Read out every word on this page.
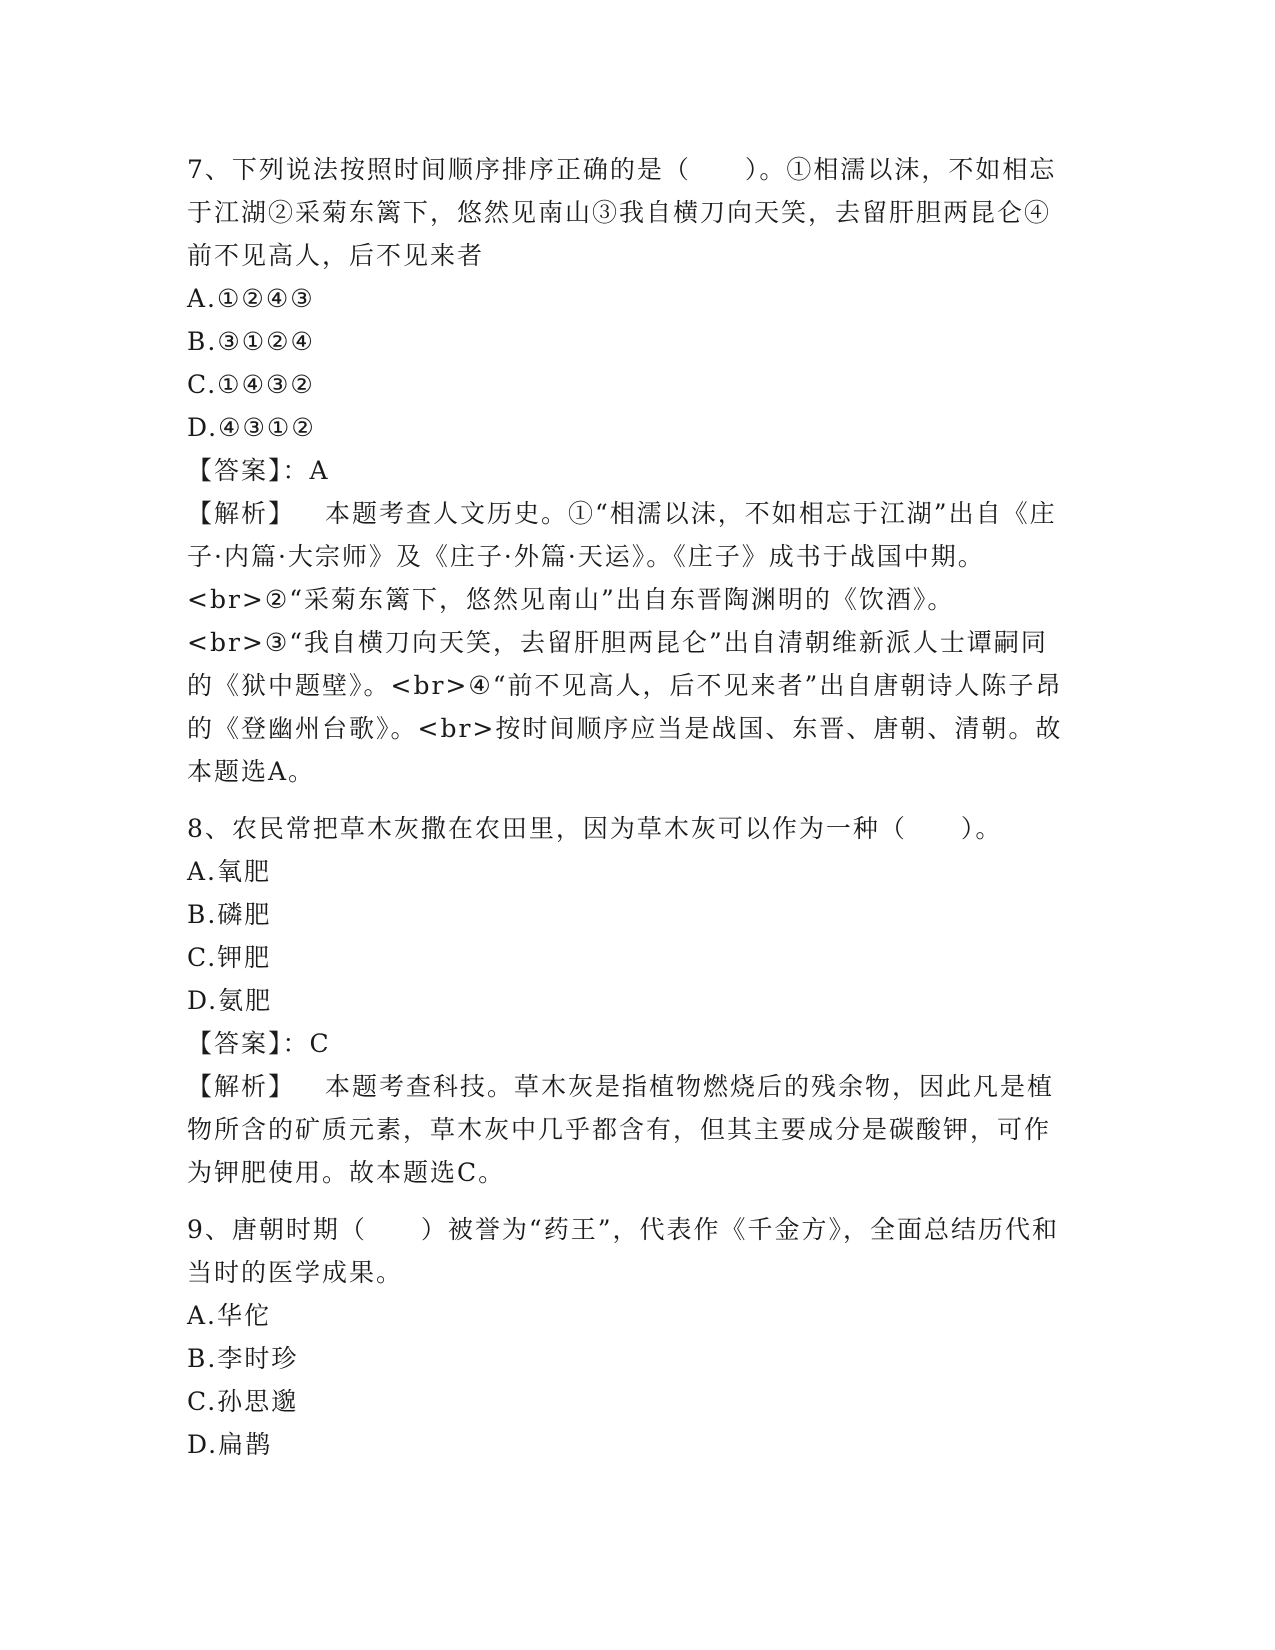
7、下列说法按照时间顺序排序正确的是（　　）。①相濡以沫，不如相忘于江湖②采菊东篱下，悠然见南山③我自横刀向天笑，去留肝胆两昆仑④前不见高人，后不见来者

A.①②④③

B.③①②④

C.①④③②

D.④③①②

【答案】：A

【解析】 本题考查人文历史。①“相濡以沫，不如相忘于江湖”出自《庄子·内篇·大宗师》及《庄子·外篇·天运》。《庄子》成书于战国中期。<br>②“采菊东篱下，悠然见南山”出自东晋陶渊明的《饮酒》。<br>③“我自横刀向天笑，去留肝胆两昆仑”出自清朝维新派人士谭嗣同的《狱中题壁》。<br>④“前不见高人，后不见来者”出自唐朝诗人陈子昂的《登幽州台歌》。<br>按时间顺序应当是战国、东晋、唐朝、清朝。故本题选A。

8、农民常把草木灰撒在农田里，因为草木灰可以作为一种（　　）。

A.氧肥

B.磷肥

C.钾肥

D.氨肥

【答案】：C

【解析】 本题考查科技。草木灰是指植物燃烧后的残余物，因此凡是植物所含的矿质元素，草木灰中几乎都含有，但其主要成分是碳酸钾，可作为钾肥使用。故本题选C。

9、唐朝时期（　　）被誉为“药王”，代表作《千金方》，全面总结历代和当时的医学成果。

A.华佗

B.李时珍

C.孙思邈

D.扁鹊
